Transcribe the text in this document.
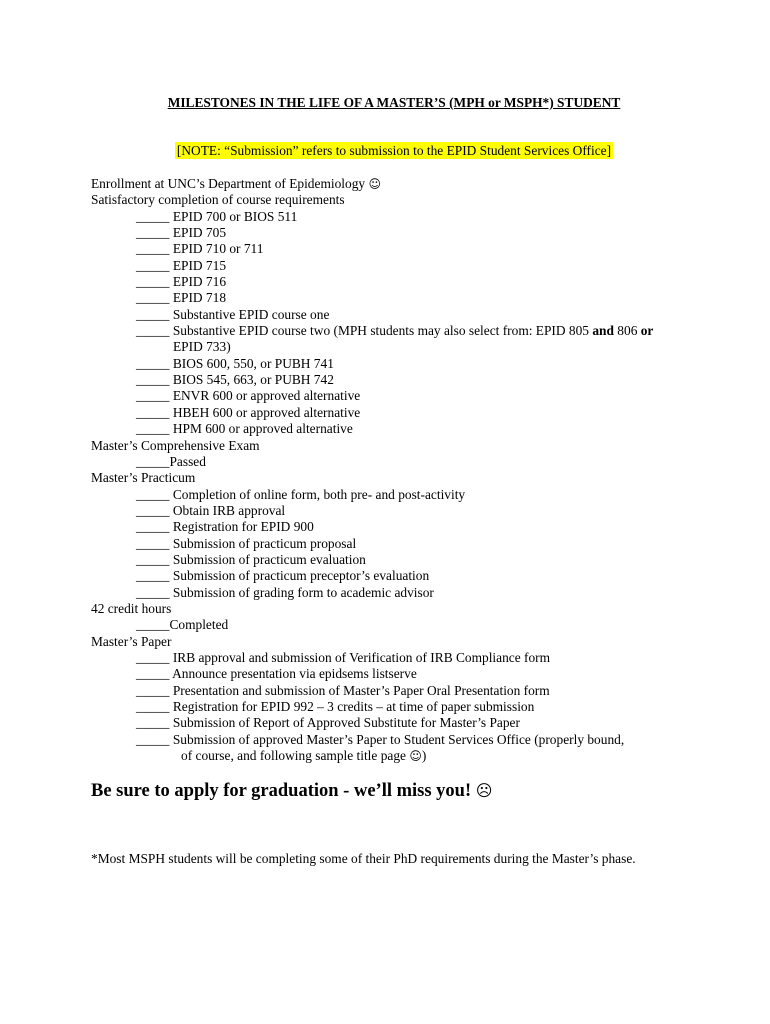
MILESTONES IN THE LIFE OF A MASTER’S (MPH or MSPH*) STUDENT
[NOTE: “Submission” refers to submission to the EPID Student Services Office]
Enrollment at UNC’s Department of Epidemiology ☺
Satisfactory completion of course requirements
_____ EPID 700 or BIOS 511
_____ EPID 705
_____ EPID 710 or 711
_____ EPID 715
_____ EPID 716
_____ EPID 718
_____ Substantive EPID course one
_____ Substantive EPID course two (MPH students may also select from: EPID 805 and 806 or
EPID 733)
_____ BIOS 600, 550, or PUBH 741
_____ BIOS 545, 663, or PUBH 742
_____ ENVR 600 or approved alternative
_____ HBEH 600 or approved alternative
_____ HPM 600 or approved alternative
Master’s Comprehensive Exam
_____Passed
Master’s Practicum
_____ Completion of online form, both pre- and post-activity
_____ Obtain IRB approval
_____ Registration for EPID 900
_____ Submission of practicum proposal
_____ Submission of practicum evaluation
_____ Submission of practicum preceptor’s evaluation
_____ Submission of grading form to academic advisor
42 credit hours
_____Completed
Master’s Paper
_____ IRB approval and submission of Verification of IRB Compliance form
_____ Announce presentation via epidsems listserve
_____ Presentation and submission of Master’s Paper Oral Presentation form
_____ Registration for EPID 992 – 3 credits – at time of paper submission
_____ Submission of Report of Approved Substitute for Master’s Paper
_____ Submission of approved Master’s Paper to Student Services Office (properly bound,
of course, and following sample title page ☺)
Be sure to apply for graduation - we’ll miss you! ☹
*Most MSPH students will be completing some of their PhD requirements during the Master’s phase.
